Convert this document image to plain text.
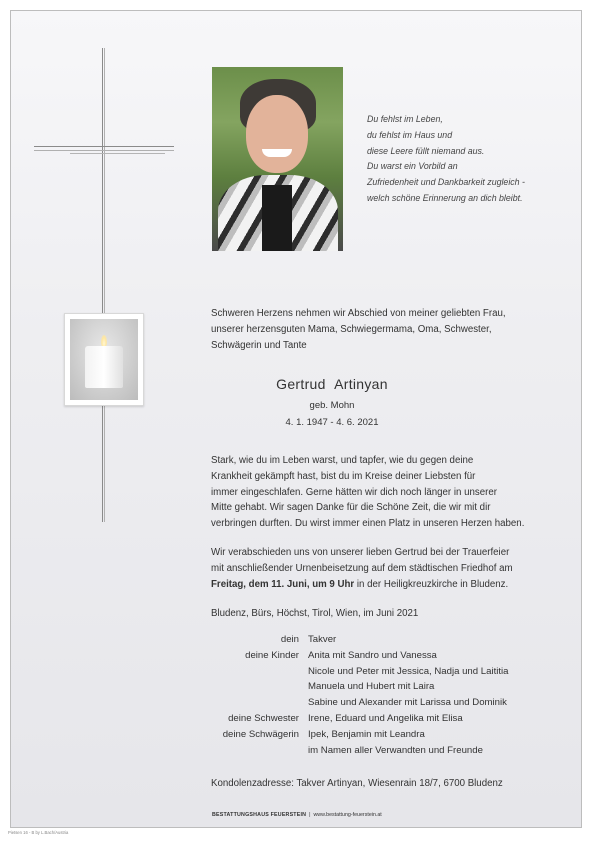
Du fehlst im Leben,
du fehlst im Haus und
diese Leere füllt niemand aus.
Du warst ein Vorbild an
Zufriedenheit und Dankbarkeit zugleich -
welch schöne Erinnerung an dich bleibt.
Schweren Herzens nehmen wir Abschied von meiner geliebten Frau,
unserer herzensguten Mama, Schwiegermama, Oma, Schwester,
Schwägerin und Tante
Gertrud Artinyan
geb. Mohn
4. 1. 1947 - 4. 6. 2021
Stark, wie du im Leben warst, und tapfer, wie du gegen deine
Krankheit gekämpft hast, bist du im Kreise deiner Liebsten für
immer eingeschlafen. Gerne hätten wir dich noch länger in unserer
Mitte gehabt. Wir sagen Danke für die Schöne Zeit, die wir mit dir
verbringen durften. Du wirst immer einen Platz in unseren Herzen haben.
Wir verabschieden uns von unserer lieben Gertrud bei der Trauerfeier
mit anschließender Urnenbeisetzung auf dem städtischen Friedhof am
Freitag, dem 11. Juni, um 9 Uhr in der Heiligkreuzkirche in Bludenz.
Bludenz, Bürs, Höchst, Tirol, Wien, im Juni 2021
dein Takver
deine Kinder Anita mit Sandro und Vanessa
Nicole und Peter mit Jessica, Nadja und Laititia
Manuela und Hubert mit Laira
Sabine und Alexander mit Larissa und Dominik
deine Schwester Irene, Eduard und Angelika mit Elisa
deine Schwägerin Ipek, Benjamin mit Leandra
im Namen aller Verwandten und Freunde
Kondolenzadresse: Takver Artinyan, Wiesenrain 18/7, 6700 Bludenz
BESTATTUNGSHAUS FEUERSTEIN | www.bestattung-feuerstein.at
Pietsen 16 - B by L.Bach/Austria
